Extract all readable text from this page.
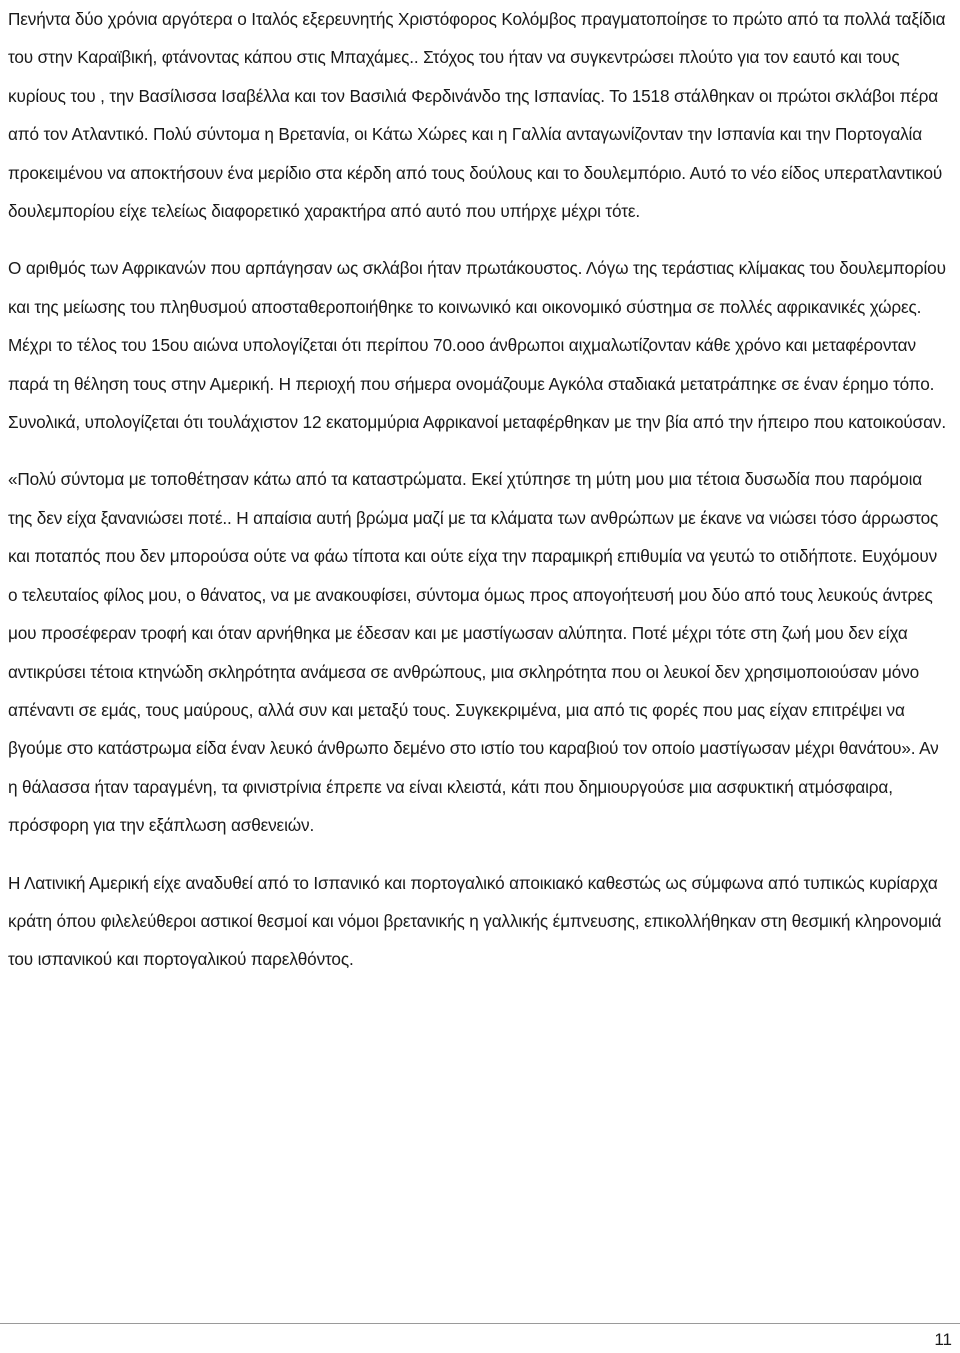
Πενήντα δύο χρόνια αργότερα ο Ιταλός εξερευνητής Χριστόφορος Κολόμβος πραγματοποίησε το πρώτο από τα πολλά ταξίδια του στην Καραϊβική, φτάνοντας κάπου στις Μπαχάμες.. Στόχος του ήταν να συγκεντρώσει πλούτο για τον εαυτό και τους κυρίους του , την Βασίλισσα Ισαβέλλα και τον Βασιλιά Φερδινάνδο της Ισπανίας. Το 1518 στάλθηκαν οι πρώτοι σκλάβοι πέρα από τον Ατλαντικό. Πολύ σύντομα η Βρετανία, οι Κάτω Χώρες και η Γαλλία ανταγωνίζονταν την Ισπανία και την Πορτογαλία προκειμένου να αποκτήσουν ένα μερίδιο στα κέρδη από τους δούλους και το δουλεμπόριο. Αυτό το νέο είδος υπερατλαντικού δουλεμπορίου είχε τελείως διαφορετικό χαρακτήρα από αυτό που υπήρχε μέχρι τότε.

Ο αριθμός των Αφρικανών που αρπάγησαν ως σκλάβοι ήταν πρωτάκουστος. Λόγω της τεράστιας κλίμακας του δουλεμπορίου και της μείωσης του πληθυσμού αποσταθεροποιήθηκε το κοινωνικό και οικονομικό σύστημα σε πολλές αφρικανικές χώρες. Μέχρι το τέλος του 15ου αιώνα υπολογίζεται ότι περίπου 70.οοο άνθρωποι αιχμαλωτίζονταν κάθε χρόνο και μεταφέρονταν παρά τη θέληση τους στην Αμερική. Η περιοχή που σήμερα ονομάζουμε Αγκόλα σταδιακά μετατράπηκε σε έναν έρημο τόπο. Συνολικά, υπολογίζεται ότι τουλάχιστον 12 εκατομμύρια Αφρικανοί μεταφέρθηκαν με την βία από την ήπειρο που κατοικούσαν.

«Πολύ σύντομα με τοποθέτησαν κάτω από τα καταστρώματα. Εκεί χτύπησε τη μύτη μου μια τέτοια δυσωδία που παρόμοια της δεν είχα ξανανιώσει ποτέ.. Η απαίσια αυτή βρώμα μαζί με τα κλάματα των ανθρώπων με έκανε να νιώσει τόσο άρρωστος και ποταπός που δεν μπορούσα ούτε να φάω τίποτα και ούτε είχα την παραμικρή επιθυμία να γευτώ το οτιδήποτε. Ευχόμουν ο τελευταίος φίλος μου, ο θάνατος, να με ανακουφίσει, σύντομα όμως προς απογοήτευσή μου δύο από τους λευκούς άντρες μου προσέφεραν τροφή και όταν αρνήθηκα με έδεσαν και με μαστίγωσαν αλύπητα. Ποτέ μέχρι τότε στη ζωή μου δεν είχα αντικρύσει τέτοια κτηνώδη σκληρότητα ανάμεσα σε ανθρώπους, μια σκληρότητα που οι λευκοί δεν χρησιμοποιούσαν μόνο απέναντι σε εμάς, τους μαύρους, αλλά συν και μεταξύ τους. Συγκεκριμένα, μια από τις φορές που μας είχαν επιτρέψει να βγούμε στο κατάστρωμα είδα έναν λευκό άνθρωπο δεμένο στο ιστίο του καραβιού τον οποίο μαστίγωσαν μέχρι θανάτου». Αν η θάλασσα ήταν ταραγμένη, τα φινιστρίνια έπρεπε να είναι κλειστά, κάτι που δημιουργούσε μια ασφυκτική ατμόσφαιρα, πρόσφορη για την εξάπλωση ασθενειών.

Η Λατινική Αμερική είχε αναδυθεί από το Ισπανικό και πορτογαλικό αποικιακό καθεστώς ως σύμφωνα από τυπικώς κυρίαρχα κράτη όπου φιλελεύθεροι αστικοί θεσμοί και νόμοι βρετανικής η γαλλικής έμπνευσης, επικολλήθηκαν στη θεσμική κληρονομιά του ισπανικού και πορτογαλικού παρελθόντος.

11
